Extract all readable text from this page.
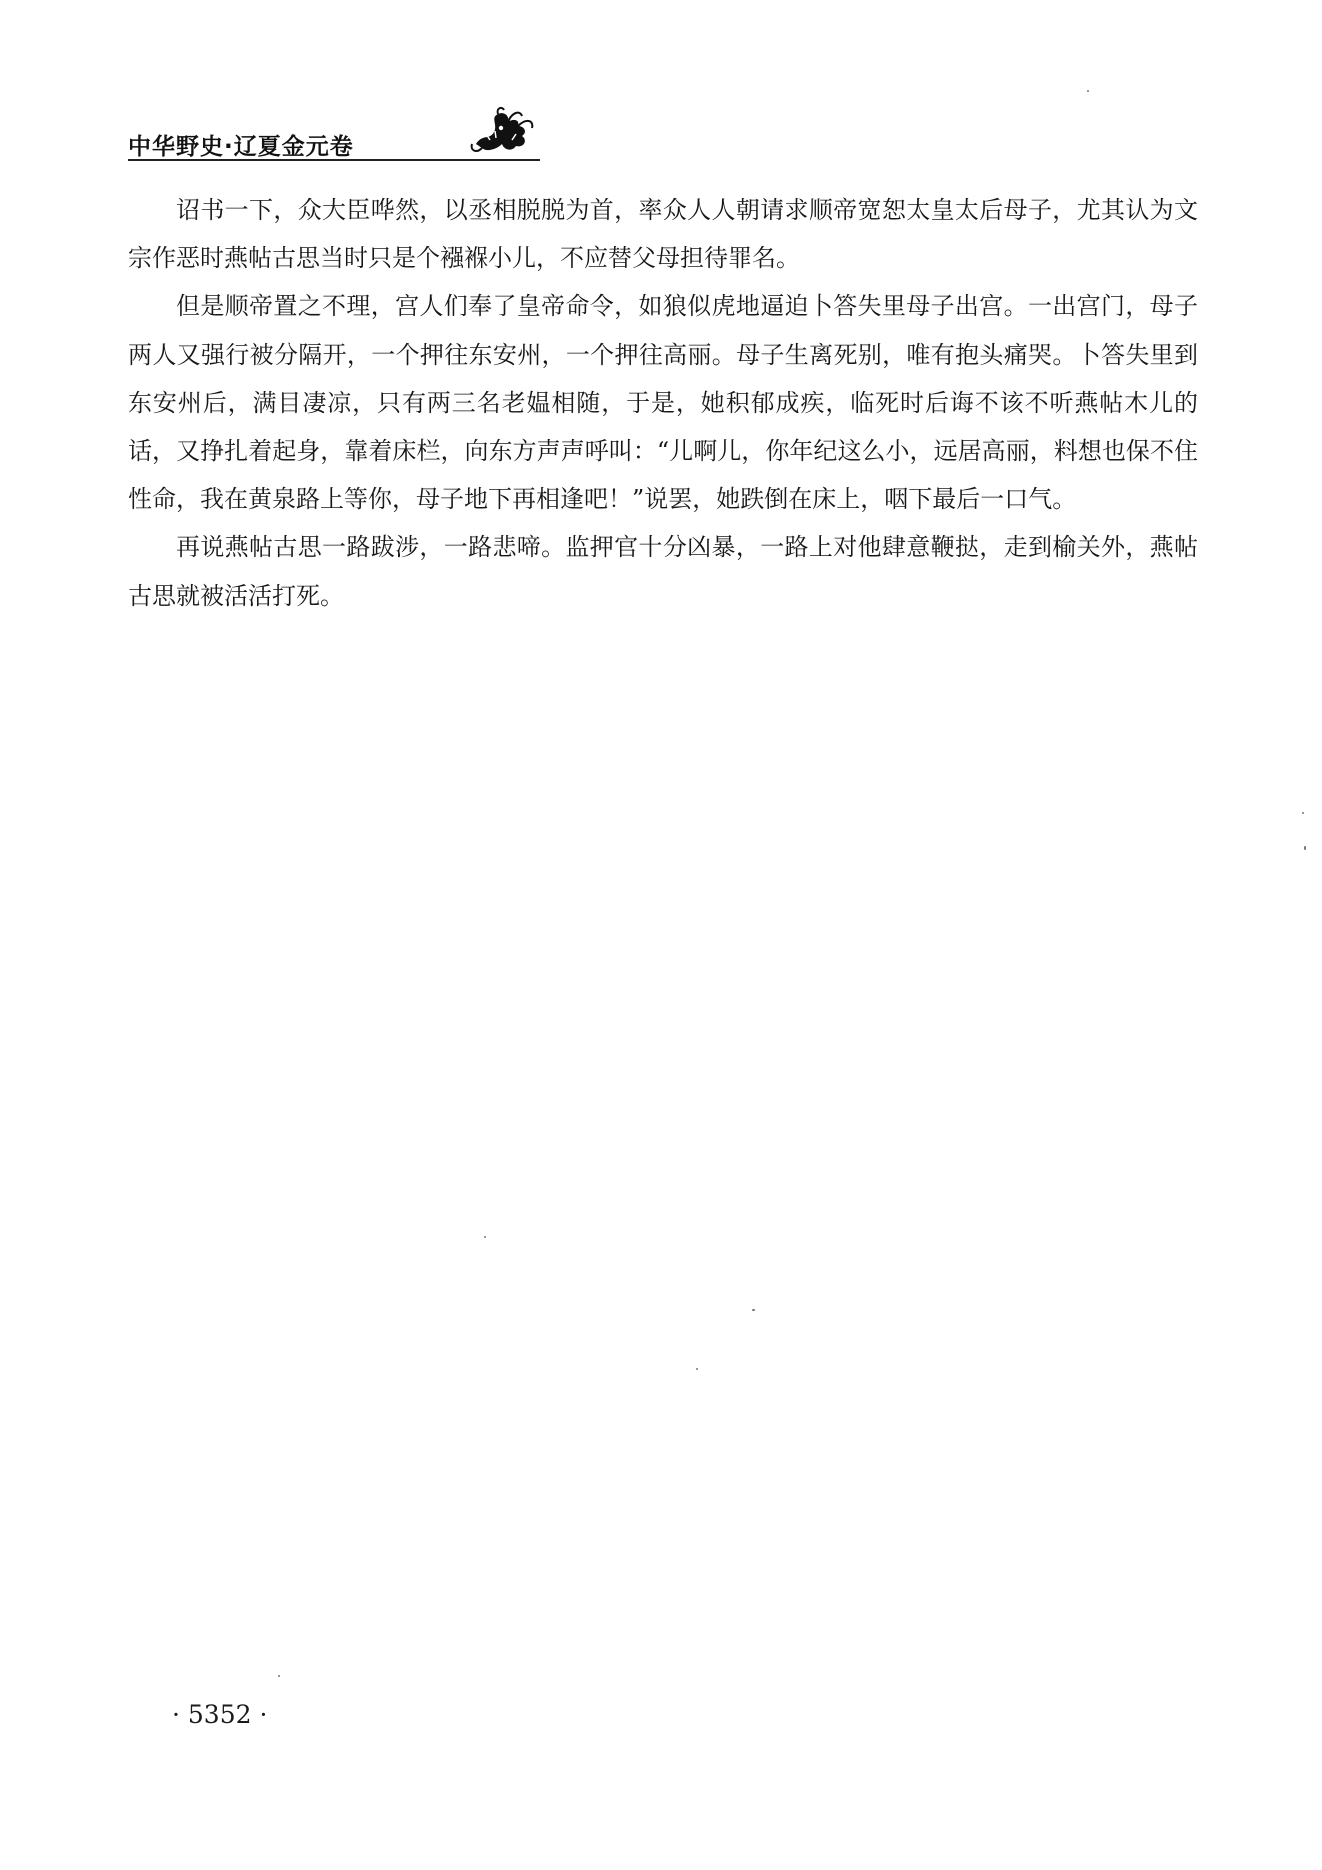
中华野史·辽夏金元卷

诏书一下，众大臣哗然，以丞相脱脱为首，率众人人朝请求顺帝宽恕太皇太后母子，尤其认为文宗作恶时燕帖古思当时只是个襁褓小儿，不应替父母担待罪名。

但是顺帝置之不理，宫人们奉了皇帝命令，如狼似虎地逼迫卜答失里母子出宫。一出宫门，母子两人又强行被分隔开，一个押往东安州，一个押往高丽。母子生离死别，唯有抱头痛哭。卜答失里到东安州后，满目凄凉，只有两三名老媪相随，于是，她积郁成疾，临死时后诲不该不听燕帖木儿的话，又挣扎着起身，靠着床栏，向东方声声呼叫：“儿啊儿，你年纪这么小，远居高丽，料想也保不住性命，我在黄泉路上等你，母子地下再相逢吧！”说罢，她跌倒在床上，咽下最后一口气。

再说燕帖古思一路跋涉，一路悲啼。监押官十分凶暴，一路上对他肆意鞭挞，走到榆关外，燕帖古思就被活活打死。

· 5352 ·
